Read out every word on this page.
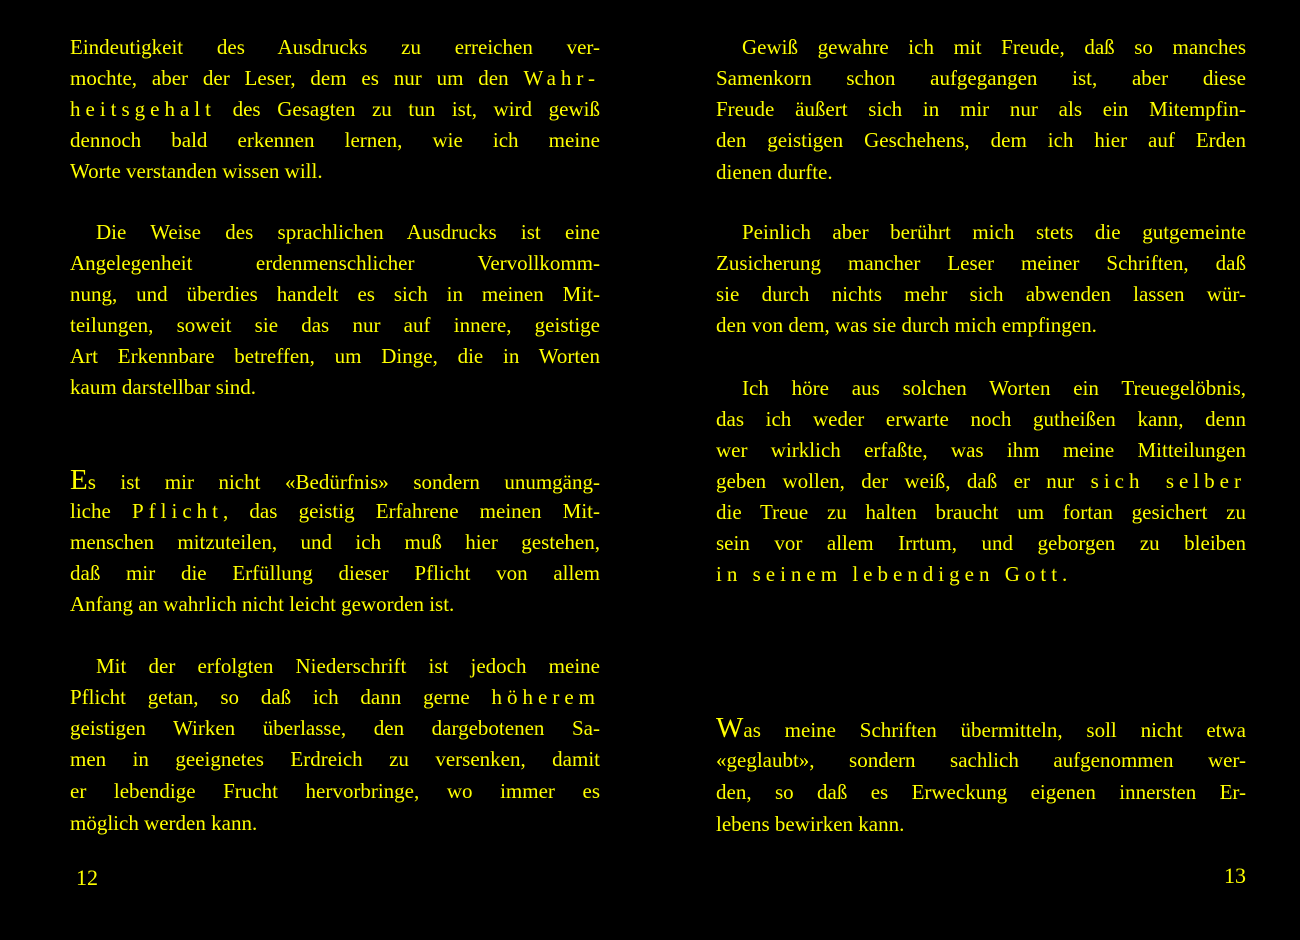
Eindeutigkeit des Ausdrucks zu erreichen ver-
mochte, aber der Leser, dem es nur um den Wahr-
heitsgehalt des Gesagten zu tun ist, wird gewiß
dennoch bald erkennen lernen, wie ich meine
Worte verstanden wissen will.
Die Weise des sprachlichen Ausdrucks ist eine
Angelegenheit erdenmenschlicher Vervollkomm-
nung, und überdies handelt es sich in meinen Mit-
teilungen, soweit sie das nur auf innere, geistige
Art Erkennbare betreffen, um Dinge, die in Worten
kaum darstellbar sind.
Es ist mir nicht «Bedürfnis» sondern unumgäng-
liche Pflicht, das geistig Erfahrene meinen Mit-
menschen mitzuteilen, und ich muß hier gestehen,
daß mir die Erfüllung dieser Pflicht von allem
Anfang an wahrlich nicht leicht geworden ist.
Mit der erfolgten Niederschrift ist jedoch meine
Pflicht getan, so daß ich dann gerne höherem
geistigen Wirken überlasse, den dargebotenen Sa-
men in geeignetes Erdreich zu versenken, damit
er lebendige Frucht hervorbringe, wo immer es
möglich werden kann.
12
Gewiß gewahre ich mit Freude, daß so manches
Samenkorn schon aufgegangen ist, aber diese
Freude äußert sich in mir nur als ein Mitempfin-
den geistigen Geschehens, dem ich hier auf Erden
dienen durfte.
Peinlich aber berührt mich stets die gutgemeinte
Zusicherung mancher Leser meiner Schriften, daß
sie durch nichts mehr sich abwenden lassen wür-
den von dem, was sie durch mich empfingen.
Ich höre aus solchen Worten ein Treuegelöbnis,
das ich weder erwarte noch gutheißen kann, denn
wer wirklich erfaßte, was ihm meine Mitteilungen
geben wollen, der weiß, daß er nur sich selber
die Treue zu halten braucht um fortan gesichert zu
sein vor allem Irrtum, und geborgen zu bleiben
in seinem lebendigen Gott.
Was meine Schriften übermitteln, soll nicht etwa
«geglaubt», sondern sachlich aufgenommen wer-
den, so daß es Erweckung eigenen innersten Er-
lebens bewirken kann.
13
